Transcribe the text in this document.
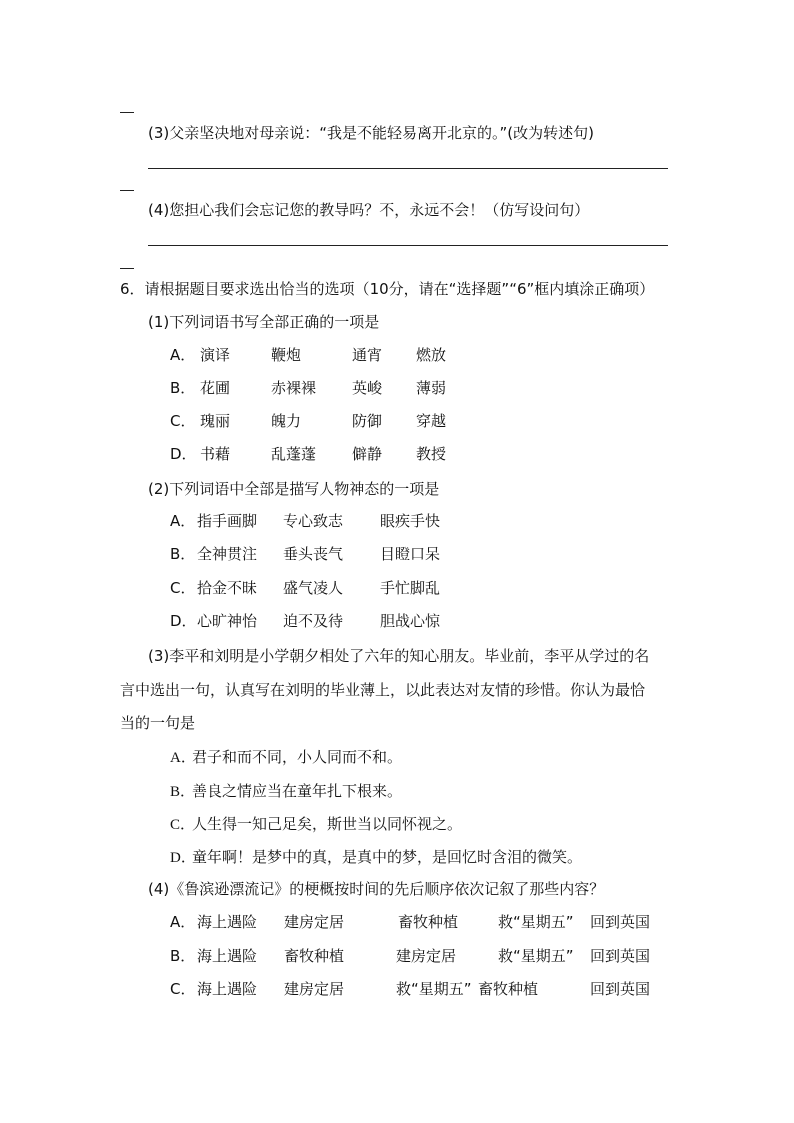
(3)父亲坚决地对母亲说：“我是不能轻易离开北京的。”(改为转述句)
(4)您担心我们会忘记您的教导吗？不，永远不会！（仿写设问句）
6．请根据题目要求选出恰当的选项（10分，请在“选择题”“6”框内填涂正确项）
(1)下列词语书写全部正确的一项是
A． 演译	鞭炮	通宵 燃放
B． 花圃	赤裸裸 英峻 薄弱
C． 瑰丽	魄力	防御 穿越
D． 书藉	乱蓬蓬 僻静 教授
(2)下列词语中全部是描写人物神态的一项是
A． 指手画脚 专心致志 眼疾手快
B． 全神贯注 垂头丧气 目瞪口呆
C． 拾金不昧 盛气凌人 手忙脚乱
D． 心旷神怡 迫不及待 胆战心惊
(3)李平和刘明是小学朝夕相处了六年的知心朋友。毕业前，李平从学过的名
言中选出一句，认真写在刘明的毕业薄上，以此表达对友情的珍惜。你认为最恰
当的一句是
A．君子和而不同，小人同而不和。
B．善良之情应当在童年扎下根来。
C．人生得一知己足矣，斯世当以同怀视之。
D．童年啊！是梦中的真，是真中的梦，是回忆时含泪的微笑。
(4)《鲁滨逊漂流记》的梗概按时间的先后顺序依次记叙了那些内容？
A． 海上遇险 建房定居	畜牧种植	救“星期五” 回到英国
B． 海上遇险 畜牧种植	建房定居	救“星期五” 回到英国
C． 海上遇险 建房定居	救“星期五” 畜牧种植	回到英国
